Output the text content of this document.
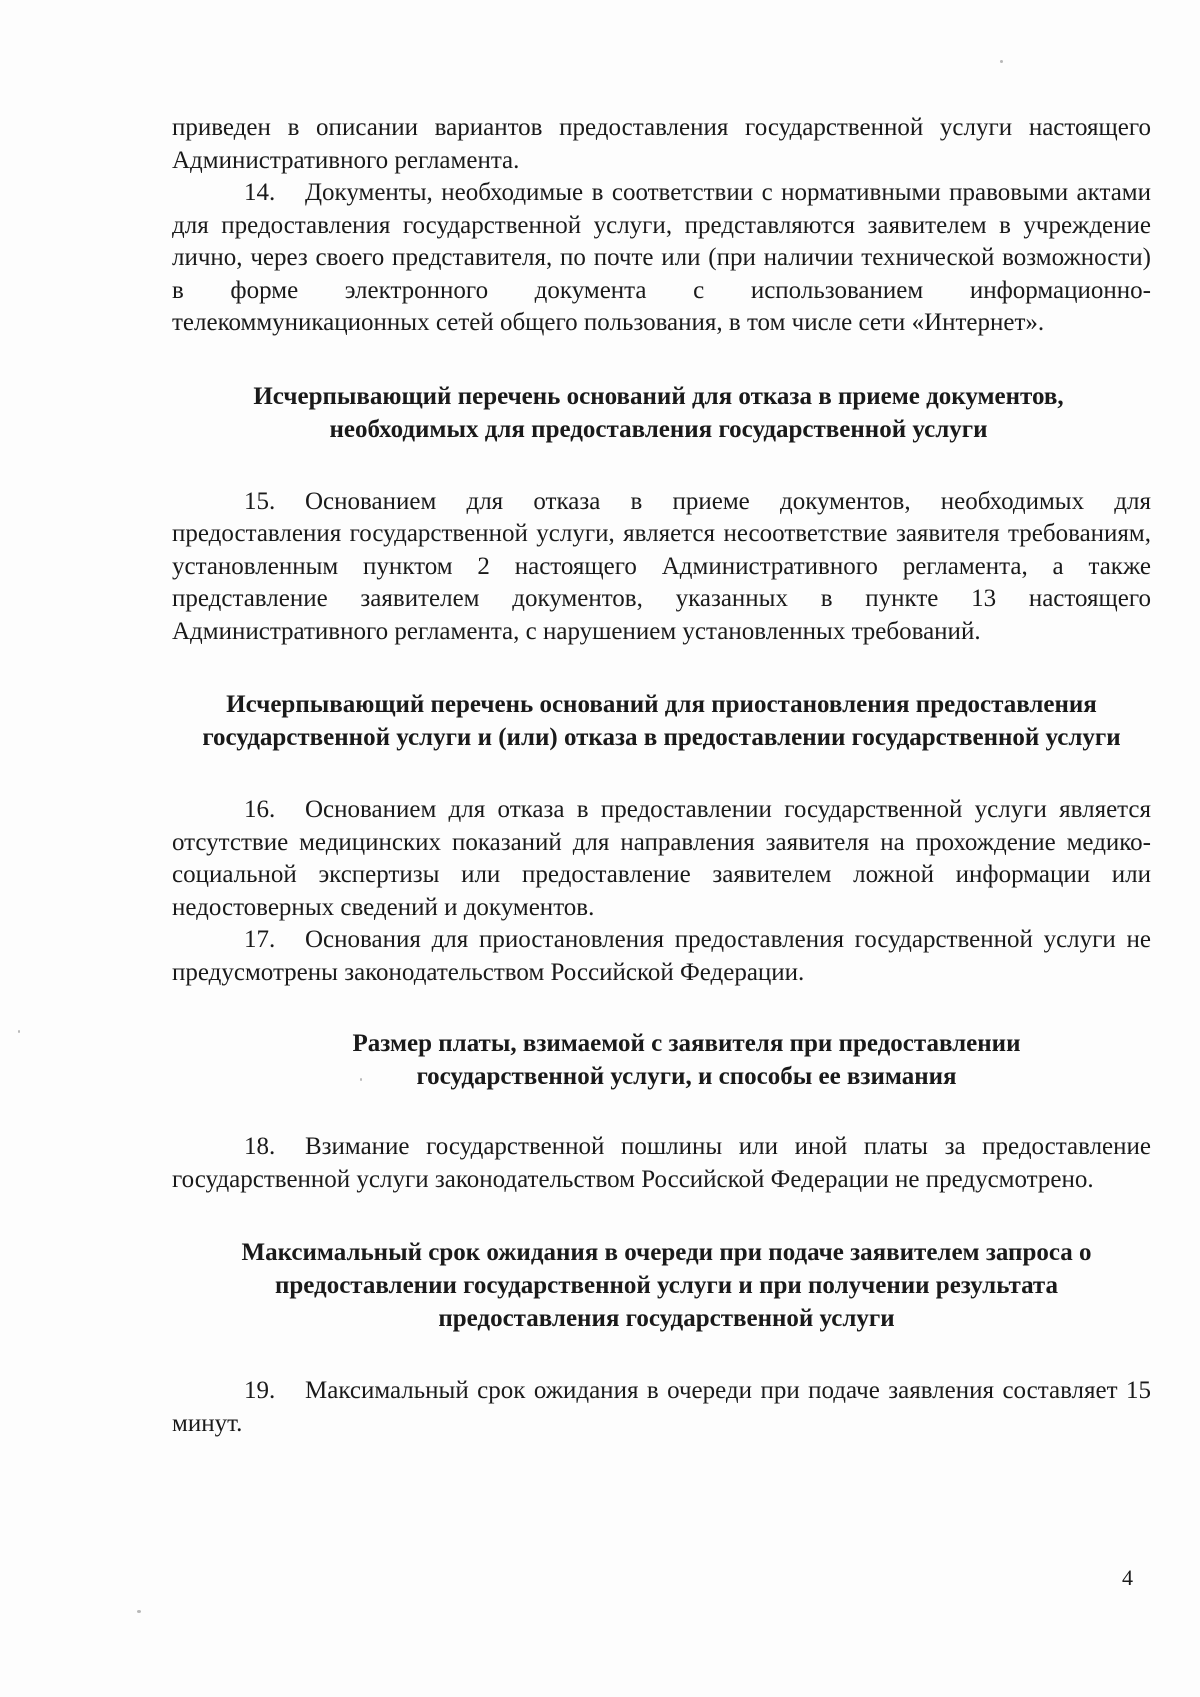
приведен в описании вариантов предоставления государственной услуги настоящего Административного регламента.

14. Документы, необходимые в соответствии с нормативными правовыми актами для предоставления государственной услуги, представляются заявителем в учреждение лично, через своего представителя, по почте или (при наличии технической возможности) в форме электронного документа с использованием информационно-телекоммуникационных сетей общего пользования, в том числе сети «Интернет».

Исчерпывающий перечень оснований для отказа в приеме документов, необходимых для предоставления государственной услуги

15. Основанием для отказа в приеме документов, необходимых для предоставления государственной услуги, является несоответствие заявителя требованиям, установленным пунктом 2 настоящего Административного регламента, а также представление заявителем документов, указанных в пункте 13 настоящего Административного регламента, с нарушением установленных требований.

Исчерпывающий перечень оснований для приостановления предоставления государственной услуги и (или) отказа в предоставлении государственной услуги

16. Основанием для отказа в предоставлении государственной услуги является отсутствие медицинских показаний для направления заявителя на прохождение медико-социальной экспертизы или предоставление заявителем ложной информации или недостоверных сведений и документов.

17. Основания для приостановления предоставления государственной услуги не предусмотрены законодательством Российской Федерации.

Размер платы, взимаемой с заявителя при предоставлении государственной услуги, и способы ее взимания

18. Взимание государственной пошлины или иной платы за предоставление государственной услуги законодательством Российской Федерации не предусмотрено.

Максимальный срок ожидания в очереди при подаче заявителем запроса о предоставлении государственной услуги и при получении результата предоставления государственной услуги

19. Максимальный срок ожидания в очереди при подаче заявления составляет 15 минут.

4
